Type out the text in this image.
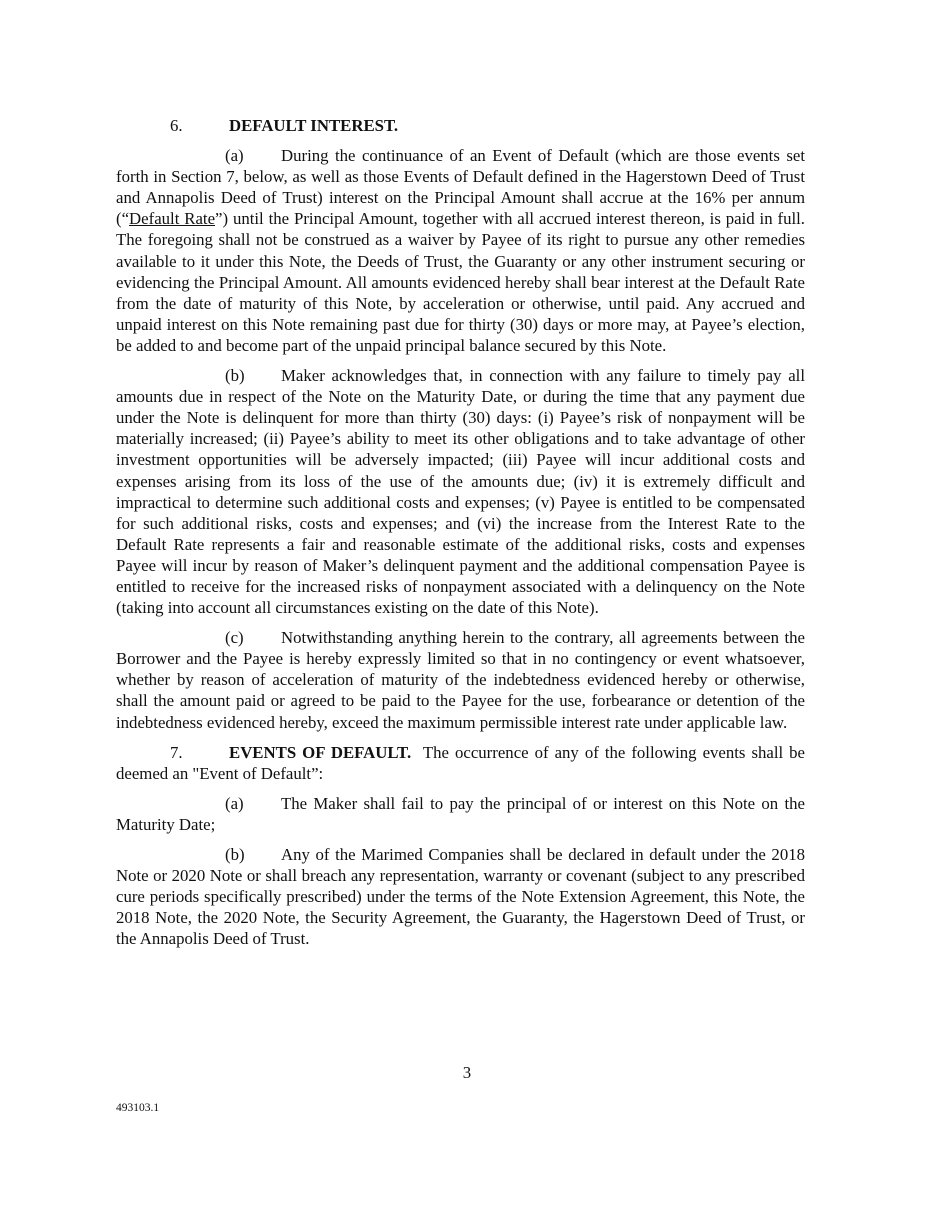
6.	DEFAULT INTEREST.

(a) During the continuance of an Event of Default (which are those events set forth in Section 7, below, as well as those Events of Default defined in the Hagerstown Deed of Trust and Annapolis Deed of Trust) interest on the Principal Amount shall accrue at the 16% per annum (“Default Rate”) until the Principal Amount, together with all accrued interest thereon, is paid in full. The foregoing shall not be construed as a waiver by Payee of its right to pursue any other remedies available to it under this Note, the Deeds of Trust, the Guaranty or any other instrument securing or evidencing the Principal Amount. All amounts evidenced hereby shall bear interest at the Default Rate from the date of maturity of this Note, by acceleration or otherwise, until paid. Any accrued and unpaid interest on this Note remaining past due for thirty (30) days or more may, at Payee’s election, be added to and become part of the unpaid principal balance secured by this Note.

(b) Maker acknowledges that, in connection with any failure to timely pay all amounts due in respect of the Note on the Maturity Date, or during the time that any payment due under the Note is delinquent for more than thirty (30) days: (i) Payee’s risk of nonpayment will be materially increased; (ii) Payee’s ability to meet its other obligations and to take advantage of other investment opportunities will be adversely impacted; (iii) Payee will incur additional costs and expenses arising from its loss of the use of the amounts due; (iv) it is extremely difficult and impractical to determine such additional costs and expenses; (v) Payee is entitled to be compensated for such additional risks, costs and expenses; and (vi) the increase from the Interest Rate to the Default Rate represents a fair and reasonable estimate of the additional risks, costs and expenses Payee will incur by reason of Maker’s delinquent payment and the additional compensation Payee is entitled to receive for the increased risks of nonpayment associated with a delinquency on the Note (taking into account all circumstances existing on the date of this Note).

(c) Notwithstanding anything herein to the contrary, all agreements between the Borrower and the Payee is hereby expressly limited so that in no contingency or event whatsoever, whether by reason of acceleration of maturity of the indebtedness evidenced hereby or otherwise, shall the amount paid or agreed to be paid to the Payee for the use, forbearance or detention of the indebtedness evidenced hereby, exceed the maximum permissible interest rate under applicable law.

7.	EVENTS OF DEFAULT.  The occurrence of any of the following events shall be deemed an "Event of Default”:

(a) The Maker shall fail to pay the principal of or interest on this Note on the Maturity Date;

(b) Any of the Marimed Companies shall be declared in default under the 2018 Note or 2020 Note or shall breach any representation, warranty or covenant (subject to any prescribed cure periods specifically prescribed) under the terms of the Note Extension Agreement, this Note, the 2018 Note, the 2020 Note, the Security Agreement, the Guaranty, the Hagerstown Deed of Trust, or the Annapolis Deed of Trust.

3
493103.1
